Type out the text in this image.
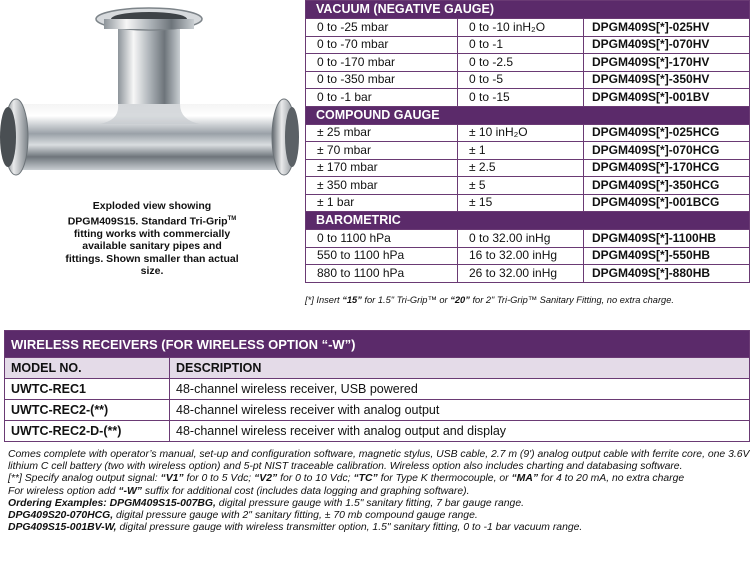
Exploded view showing
DPGM409S15. Standard Tri-Grip™
fitting works with commercially
available sanitary pipes and
fittings. Shown smaller than actual
size.
VACUUM (NEGATIVE GAUGE)		
0 to -25 mbar	0 to -10 inH₂O	DPGM409S[*]-025HV
0 to -70 mbar	0 to -1	DPGM409S[*]-070HV
0 to -170 mbar	0 to -2.5	DPGM409S[*]-170HV
0 to -350 mbar	0 to -5	DPGM409S[*]-350HV
0 to -1 bar	0 to -15	DPGM409S[*]-001BV
COMPOUND GAUGE		
± 25 mbar	± 10 inH₂O	DPGM409S[*]-025HCG
± 70 mbar	± 1	DPGM409S[*]-070HCG
± 170 mbar	± 2.5	DPGM409S[*]-170HCG
± 350 mbar	± 5	DPGM409S[*]-350HCG
± 1 bar	± 15	DPGM409S[*]-001BCG
BAROMETRIC		
0 to 1100 hPa	0 to 32.00 inHg	DPGM409S[*]-1100HB
550 to 1100 hPa	16 to 32.00 inHg	DPGM409S[*]-550HB
880 to 1100 hPa	26 to 32.00 inHg	DPGM409S[*]-880HB
[*] Insert “15” for 1.5" Tri-Grip™ or “20” for 2" Tri-Grip™ Sanitary Fitting, no extra charge.
WIRELESS RECEIVERS (FOR WIRELESS OPTION “-W”)	
MODEL NO.	DESCRIPTION
UWTC-REC1	48-channel wireless receiver, USB powered
UWTC-REC2-(**)	48-channel wireless receiver with analog output
UWTC-REC2-D-(**)	48-channel wireless receiver with analog output and display

Comes complete with operator’s manual, set-up and configuration software, magnetic stylus, USB cable, 2.7 m (9') analog output cable with ferrite core, one 3.6V lithium C cell battery (two with wireless option) and 5-pt NIST traceable calibration. Wireless option also includes charting and databasing software.

[**] Specify analog output signal: “V1” for 0 to 5 Vdc; “V2” for 0 to 10 Vdc; “TC” for Type K thermocouple, or “MA” for 4 to 20 mA, no extra charge

For wireless option add “-W” suffix for additional cost (includes data logging and graphing software).

Ordering Examples: DPGM409S15-007BG, digital pressure gauge with 1.5" sanitary fitting, 7 bar gauge range.

DPG409S20-070HCG, digital pressure gauge with 2" sanitary fitting, ± 70 mb compound gauge range.

DPG409S15-001BV-W, digital pressure gauge with wireless transmitter option, 1.5" sanitary fitting, 0 to -1 bar vacuum range.
